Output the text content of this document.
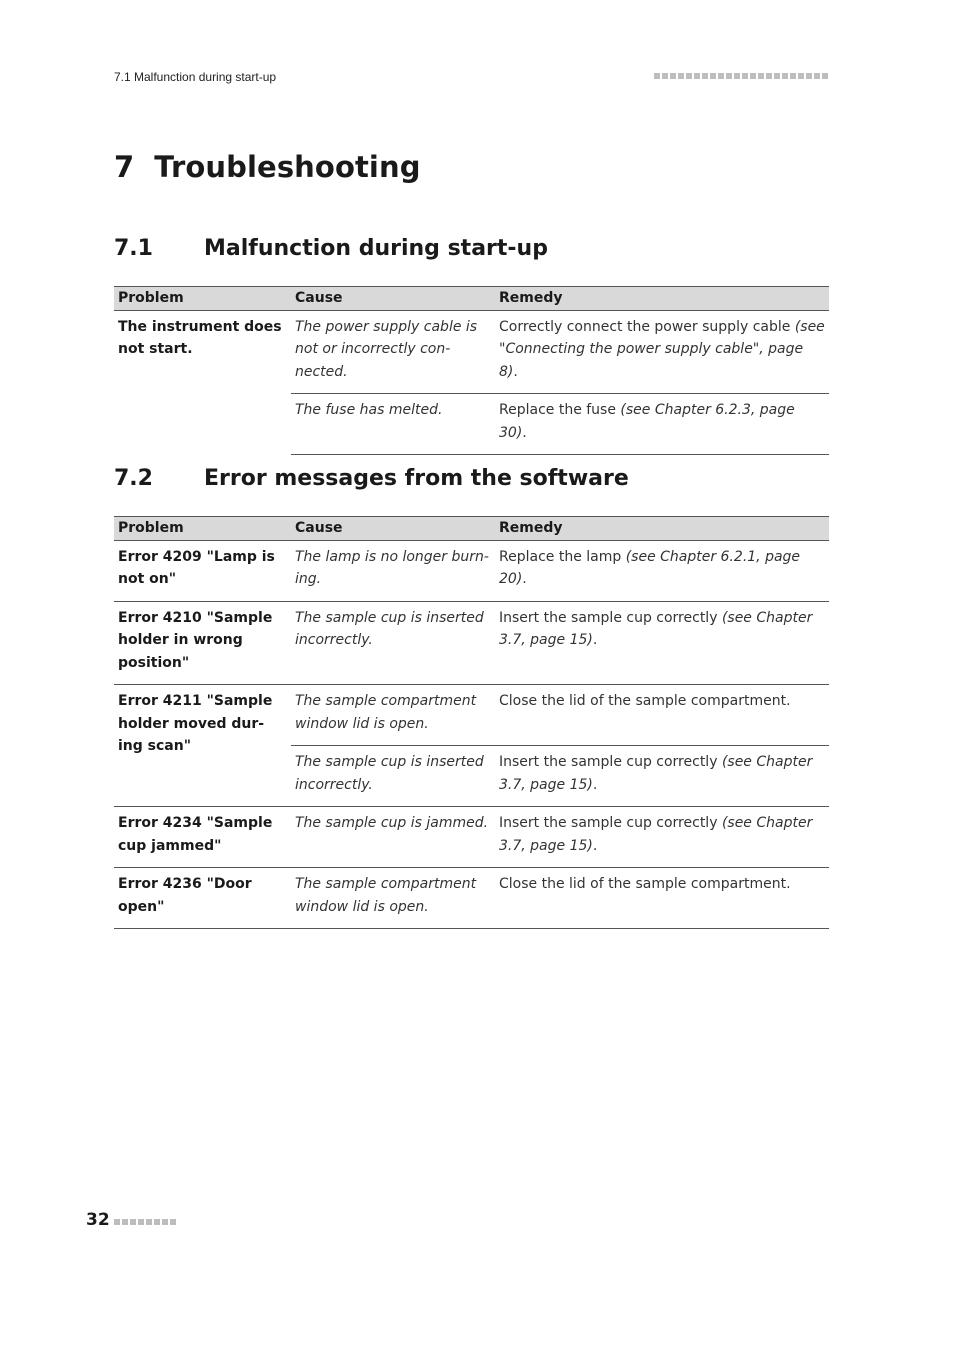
7.1 Malfunction during start-up
7 Troubleshooting
7.1 Malfunction during start-up
Problem	Cause	Remedy
The instrument does not start.	The power supply cable is not or incorrectly con-nected.	Correctly connect the power supply cable (see "Connecting the power supply cable", page 8).
	The fuse has melted.	Replace the fuse (see Chapter 6.2.3, page 30).
7.2 Error messages from the software
Problem	Cause	Remedy
Error 4209 "Lamp is not on"	The lamp is no longer burn-ing.	Replace the lamp (see Chapter 6.2.1, page 20).
Error 4210 "Sample holder in wrong position"	The sample cup is inserted incorrectly.	Insert the sample cup correctly (see Chapter 3.7, page 15).
Error 4211 "Sample holder moved dur-ing scan"	The sample compartment window lid is open.	Close the lid of the sample compartment.
	The sample cup is inserted incorrectly.	Insert the sample cup correctly (see Chapter 3.7, page 15).
Error 4234 "Sample cup jammed"	The sample cup is jammed.	Insert the sample cup correctly (see Chapter 3.7, page 15).
Error 4236 "Door open"	The sample compartment window lid is open.	Close the lid of the sample compartment.
32
